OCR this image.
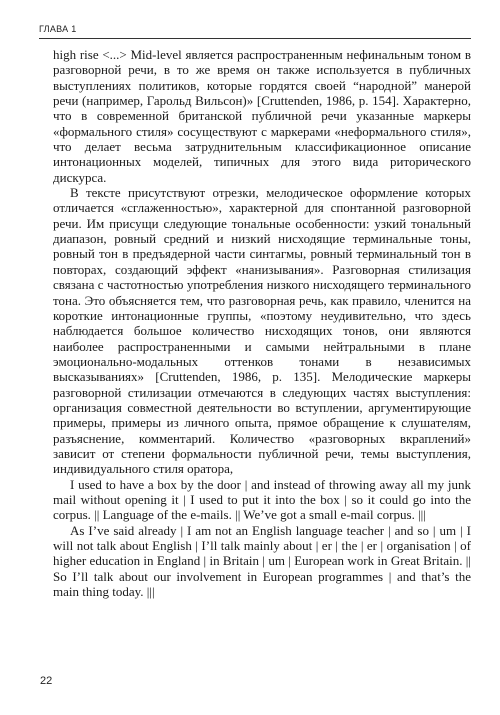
ГЛАВА 1

high rise <...> Mid-level является распространенным нефинальным тоном в разговорной речи, в то же время он также используется в публичных выступлениях политиков, которые гордятся своей “народной” манерой речи (например, Гарольд Вильсон)» [Cruttenden, 1986, p. 154]. Характерно, что в современной британской публичной речи указанные маркеры «формального стиля» сосуществуют с маркерами «неформального стиля», что делает весьма затруднительным классификационное описание интонационных моделей, типичных для этого вида риторического дискурса.

В тексте присутствуют отрезки, мелодическое оформление которых отличается «сглаженностью», характерной для спонтанной разговорной речи. Им присущи следующие тональные особенности: узкий тональный диапазон, ровный средний и низкий нисходящие терминальные тоны, ровный тон в предъядерной части синтагмы, ровный терминальный тон в повторах, создающий эффект «нанизывания». Разговорная стилизация связана с частотностью употребления низкого нисходящего терминального тона. Это объясняется тем, что разговорная речь, как правило, членится на короткие интонационные группы, «поэтому неудивительно, что здесь наблюдается большое количество нисходящих тонов, они являются наиболее распространенными и самыми нейтральными в плане эмоционально-модальных оттенков тонами в независимых высказываниях» [Cruttenden, 1986, p. 135]. Мелодические маркеры разговорной стилизации отмечаются в следующих частях выступления: организация совместной деятельности во вступлении, аргументирующие примеры, примеры из личного опыта, прямое обращение к слушателям, разъяснение, комментарий. Количество «разговорных вкраплений» зависит от степени формальности публичной речи, темы выступления, индивидуального стиля оратора,

I used to have a box by the door | and instead of throwing away all my junk mail without opening it | I used to put it into the box | so it could go into the corpus. || Language of the e-mails. || We’ve got a small e-mail corpus. |||

As I’ve said already | I am not an English language teacher | and so | um | I will not talk about English | I’ll talk mainly about | er | the | er | organisation | of higher education in England | in Britain | um | European work in Great Britain. || So I’ll talk about our involvement in European programmes | and that’s the main thing today. |||

22
